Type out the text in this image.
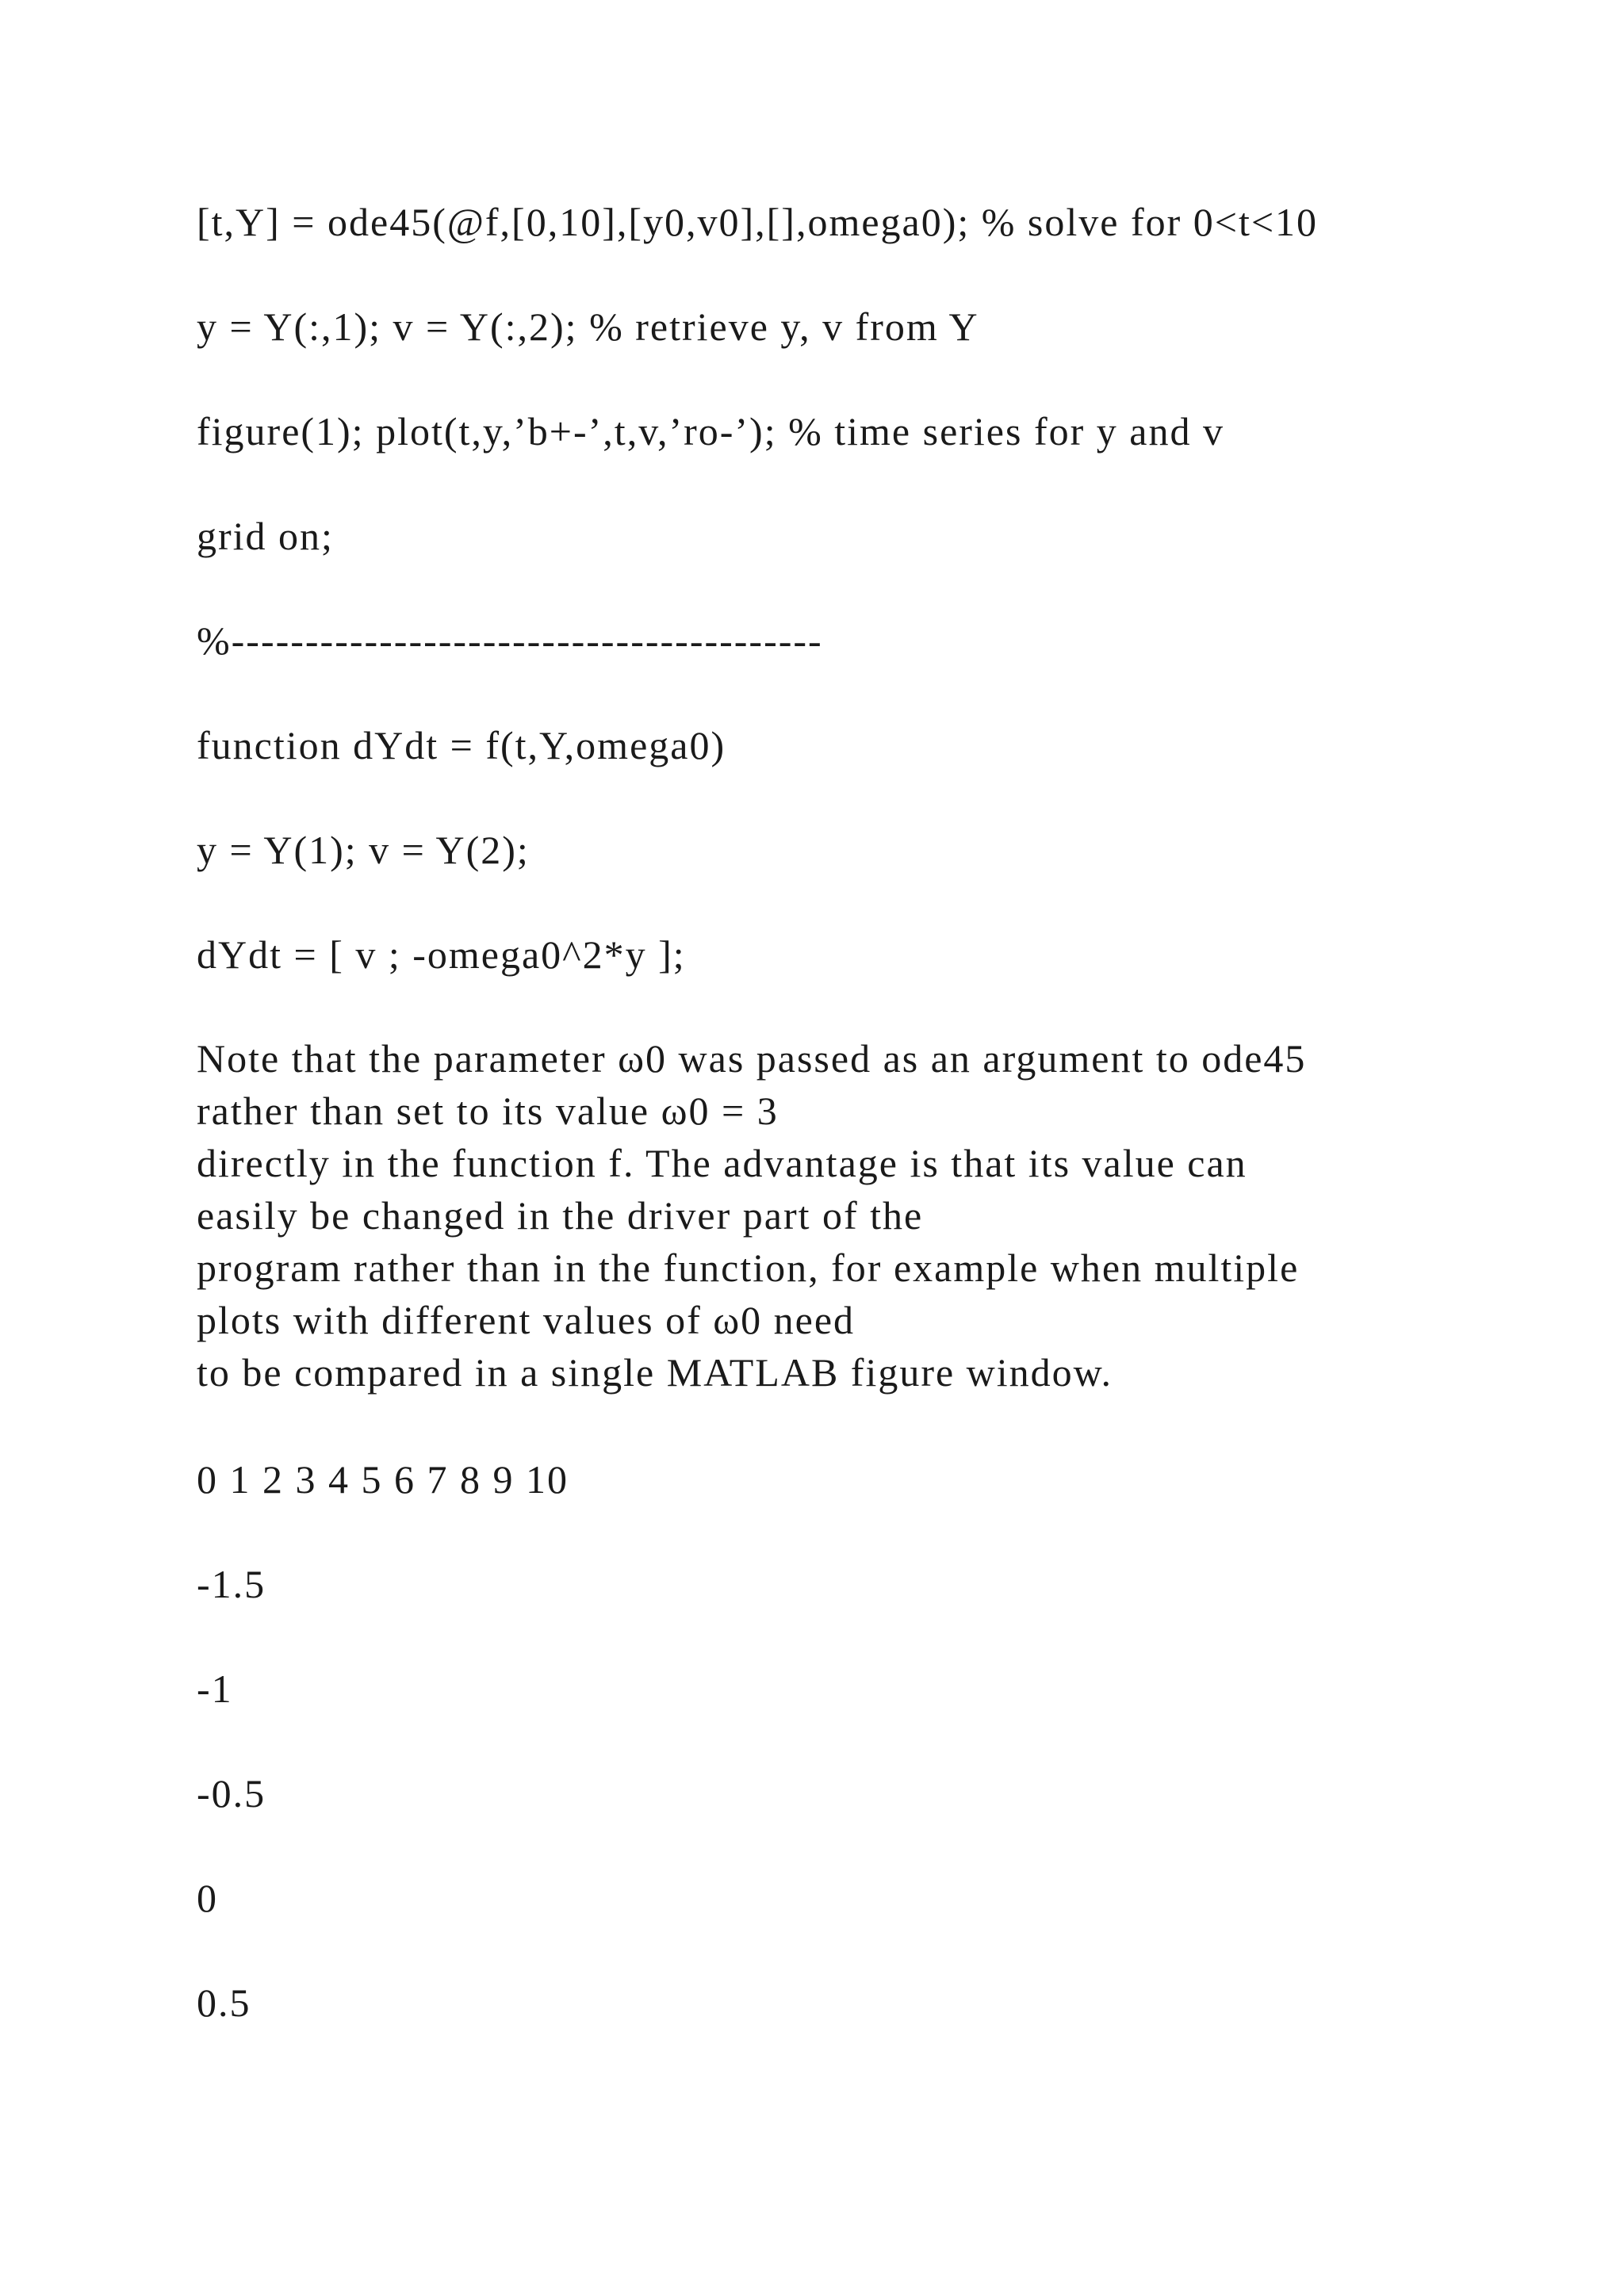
[t,Y] = ode45(@f,[0,10],[y0,v0],[],omega0); % solve for 0<t<10
y = Y(:,1); v = Y(:,2); % retrieve y, v from Y
figure(1); plot(t,y,’b+-’,t,v,’ro-’); % time series for y and v
grid on;
%----------------------------------------
function dYdt = f(t,Y,omega0)
y = Y(1); v = Y(2);
dYdt = [ v ; -omega0^2*y ];
Note that the parameter ω0 was passed as an argument to ode45
rather than set to its value ω0 = 3
directly in the function f. The advantage is that its value can
easily be changed in the driver part of the
program rather than in the function, for example when multiple
plots with different values of ω0 need
to be compared in a single MATLAB figure window.
0 1 2 3 4 5 6 7 8 9 10
-1.5
-1
-0.5
0
0.5
